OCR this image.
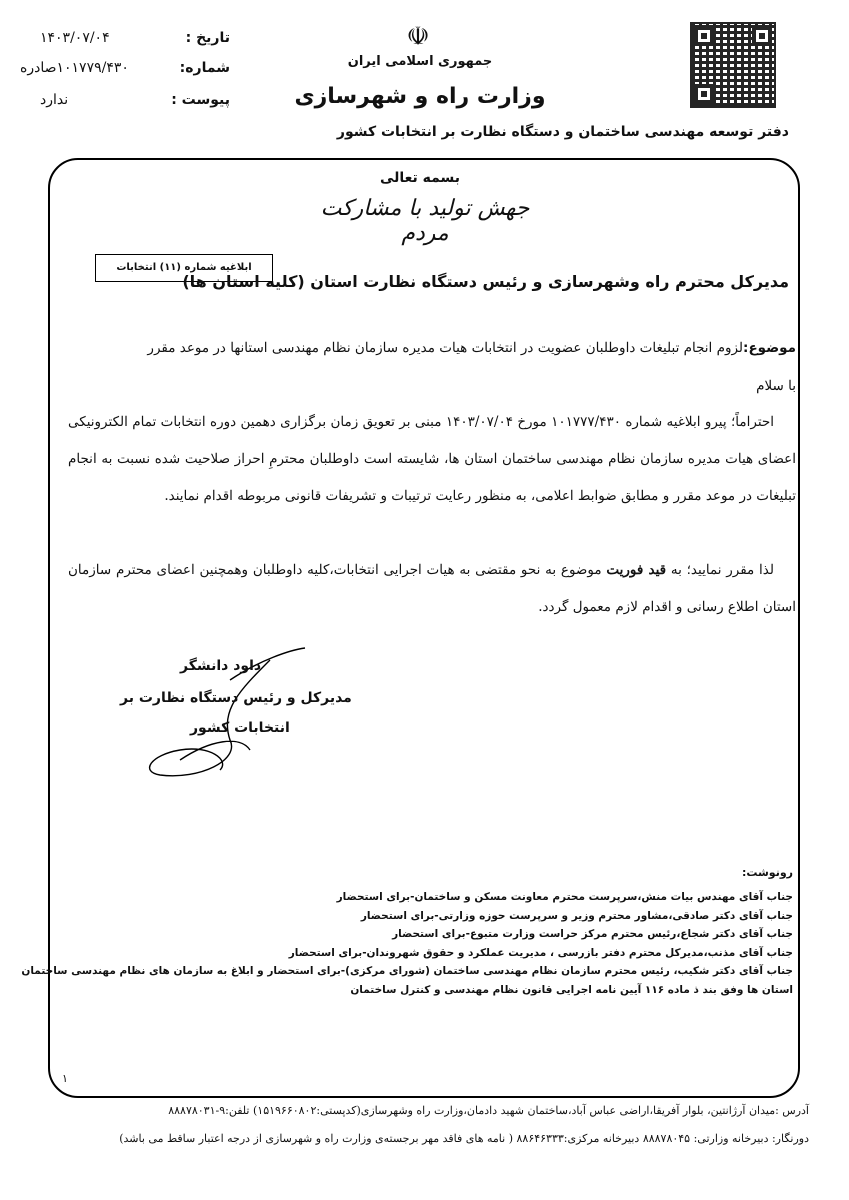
تاریخ :
۱۴۰۳/۰۷/۰۴
شماره:
۱۰۱۷۷۹/۴۳۰صادره
پیوست :
ندارد
☫
جمهوری اسلامی ایران
وزارت راه و شهرسازی
دفتر توسعه مهندسی ساختمان و دستگاه نظارت بر انتخابات کشور
بسمه تعالی
جهش تولید با مشارکت مردم
ابلاغیه شماره (۱۱) انتخابات
مدیرکل محترم راه وشهرسازی و رئیس دستگاه نظارت استان (کلیه استان ها)
موضوع:لزوم انجام تبلیغات داوطلبان عضویت در انتخابات هیات مدیره سازمان نظام مهندسی استانها در موعد مقرر
با سلام
احتراماً؛ پیرو ابلاغیه شماره ۱۰۱۷۷۷/۴۳۰ مورخ ۱۴۰۳/۰۷/۰۴ مبنی بر تعویق زمان برگزاری دهمین دوره انتخابات تمام الکترونیکی اعضای هیات مدیره سازمان نظام مهندسی ساختمان استان ها، شایسته است داوطلبان محترمِ احراز صلاحیت شده نسبت به انجام تبلیغات در موعد مقرر و مطابق ضوابط اعلامی، به منظور رعایت ترتیبات و تشریفات قانونی مربوطه اقدام نمایند.
لذا مقرر نمایید؛ به قید فوریت موضوع به نحو مقتضی به هیات اجرایی انتخابات،کلیه داوطلبان وهمچنین اعضای محترم سازمان استان اطلاع رسانی و اقدام لازم معمول گردد.
داود دانشگر
مدیرکل و رئیس دستگاه نظارت بر
انتخابات کشور
رونوشت:
جناب آقای مهندس بیات منش،سرپرست محترم معاونت مسکن و ساختمان-برای استحضار
جناب آقای دکتر صادقی،مشاور محترم وزیر و سرپرست حوزه وزارتی-برای استحضار
جناب آقای دکتر شجاع،رئیس محترم مرکز حراست وزارت متبوع-برای استحضار
جناب آقای مذنب،مدیرکل محترم دفتر بازرسی ، مدیریت عملکرد و حقوق شهروندان-برای استحضار
جناب آقای دکتر شکیب، رئیس محترم سازمان نظام مهندسی ساختمان (شورای مرکزی)-برای استحضار و ابلاغ به سازمان های نظام مهندسی ساختمان
استان ها وفق بند ذ ماده ۱۱۶ آیین نامه اجرایی قانون نظام مهندسی و کنترل ساختمان
۱
آدرس :میدان آرژانتین، بلوار آفریقا،اراضی عباس آباد،ساختمان شهید دادمان،وزارت راه وشهرسازی(کدپستی:۱۵۱۹۶۶۰۸۰۲) تلفن:۹-۸۸۸۷۸۰۳۱
دورنگار: دبیرخانه وزارتی: ۸۸۸۷۸۰۴۵ دبیرخانه مرکزی:۸۸۶۴۶۳۳۳ ( نامه های فاقد مهر برجسته‌ی وزارت راه و شهرسازی از درجه اعتبار ساقط می باشد)
